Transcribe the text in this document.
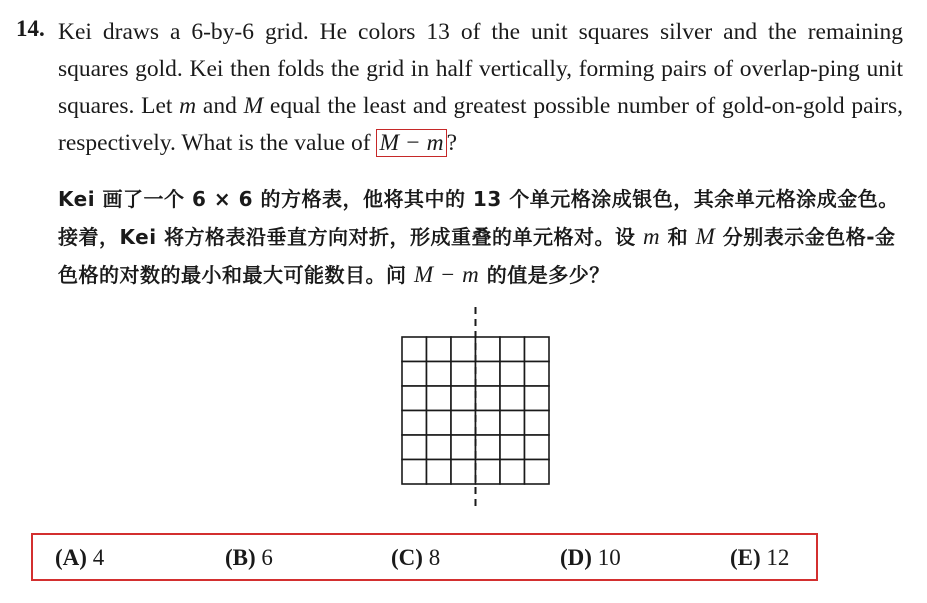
14. Kei draws a 6-by-6 grid. He colors 13 of the unit squares silver and the remaining squares gold. Kei then folds the grid in half vertically, forming pairs of overlap-ping unit squares. Let m and M equal the least and greatest possible number of gold-on-gold pairs, respectively. What is the value of M − m ?
Kei 画了一个 6 × 6 的方格表，他将其中的 13 个单元格涂成银色，其余单元格涂成金色。接着，Kei 将方格表沿垂直方向对折，形成重叠的单元格对。设 m 和 M 分别表示金色格-金色格的对数的最小和最大可能数目。问 M − m 的值是多少？
(A) 4	(B) 6	(C) 8	(D) 10	(E) 12
